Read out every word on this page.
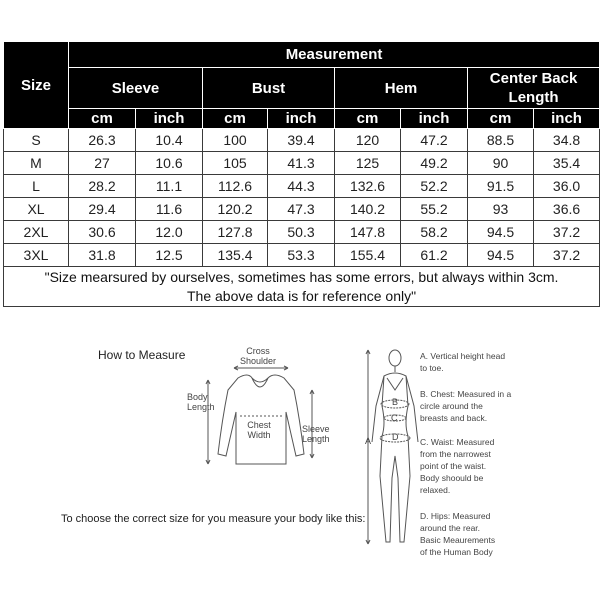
Size	Measurement							
	Sleeve		Bust		Hem		Center Back Length	
	cm	inch	cm	inch	cm	inch	cm	inch
S	26.3	10.4	100	39.4	120	47.2	88.5	34.8
M	27	10.6	105	41.3	125	49.2	90	35.4
L	28.2	11.1	112.6	44.3	132.6	52.2	91.5	36.0
XL	29.4	11.6	120.2	47.3	140.2	55.2	93	36.6
2XL	30.6	12.0	127.8	50.3	147.8	58.2	94.5	37.2
3XL	31.8	12.5	135.4	53.3	155.4	61.2	94.5	37.2

"Size mearsured by ourselves, sometimes has some errors, but always within 3cm.
The above data is for reference only"								
How to Measure	Cross
Shoulder
Body
Length
Chest
Width
Sleeve
Length
To choose the correct size for you measure your body like this:
A
B
C
D
A. Vertical height head
to toe.
B. Chest: Measured in a
circle around the
breasts and back.
C. Waist: Measured
from the narrowest
point of the waist.
Body shoould be
relaxed.
D. Hips: Measured
around the rear.
Basic Meaurements
of the Human Body
